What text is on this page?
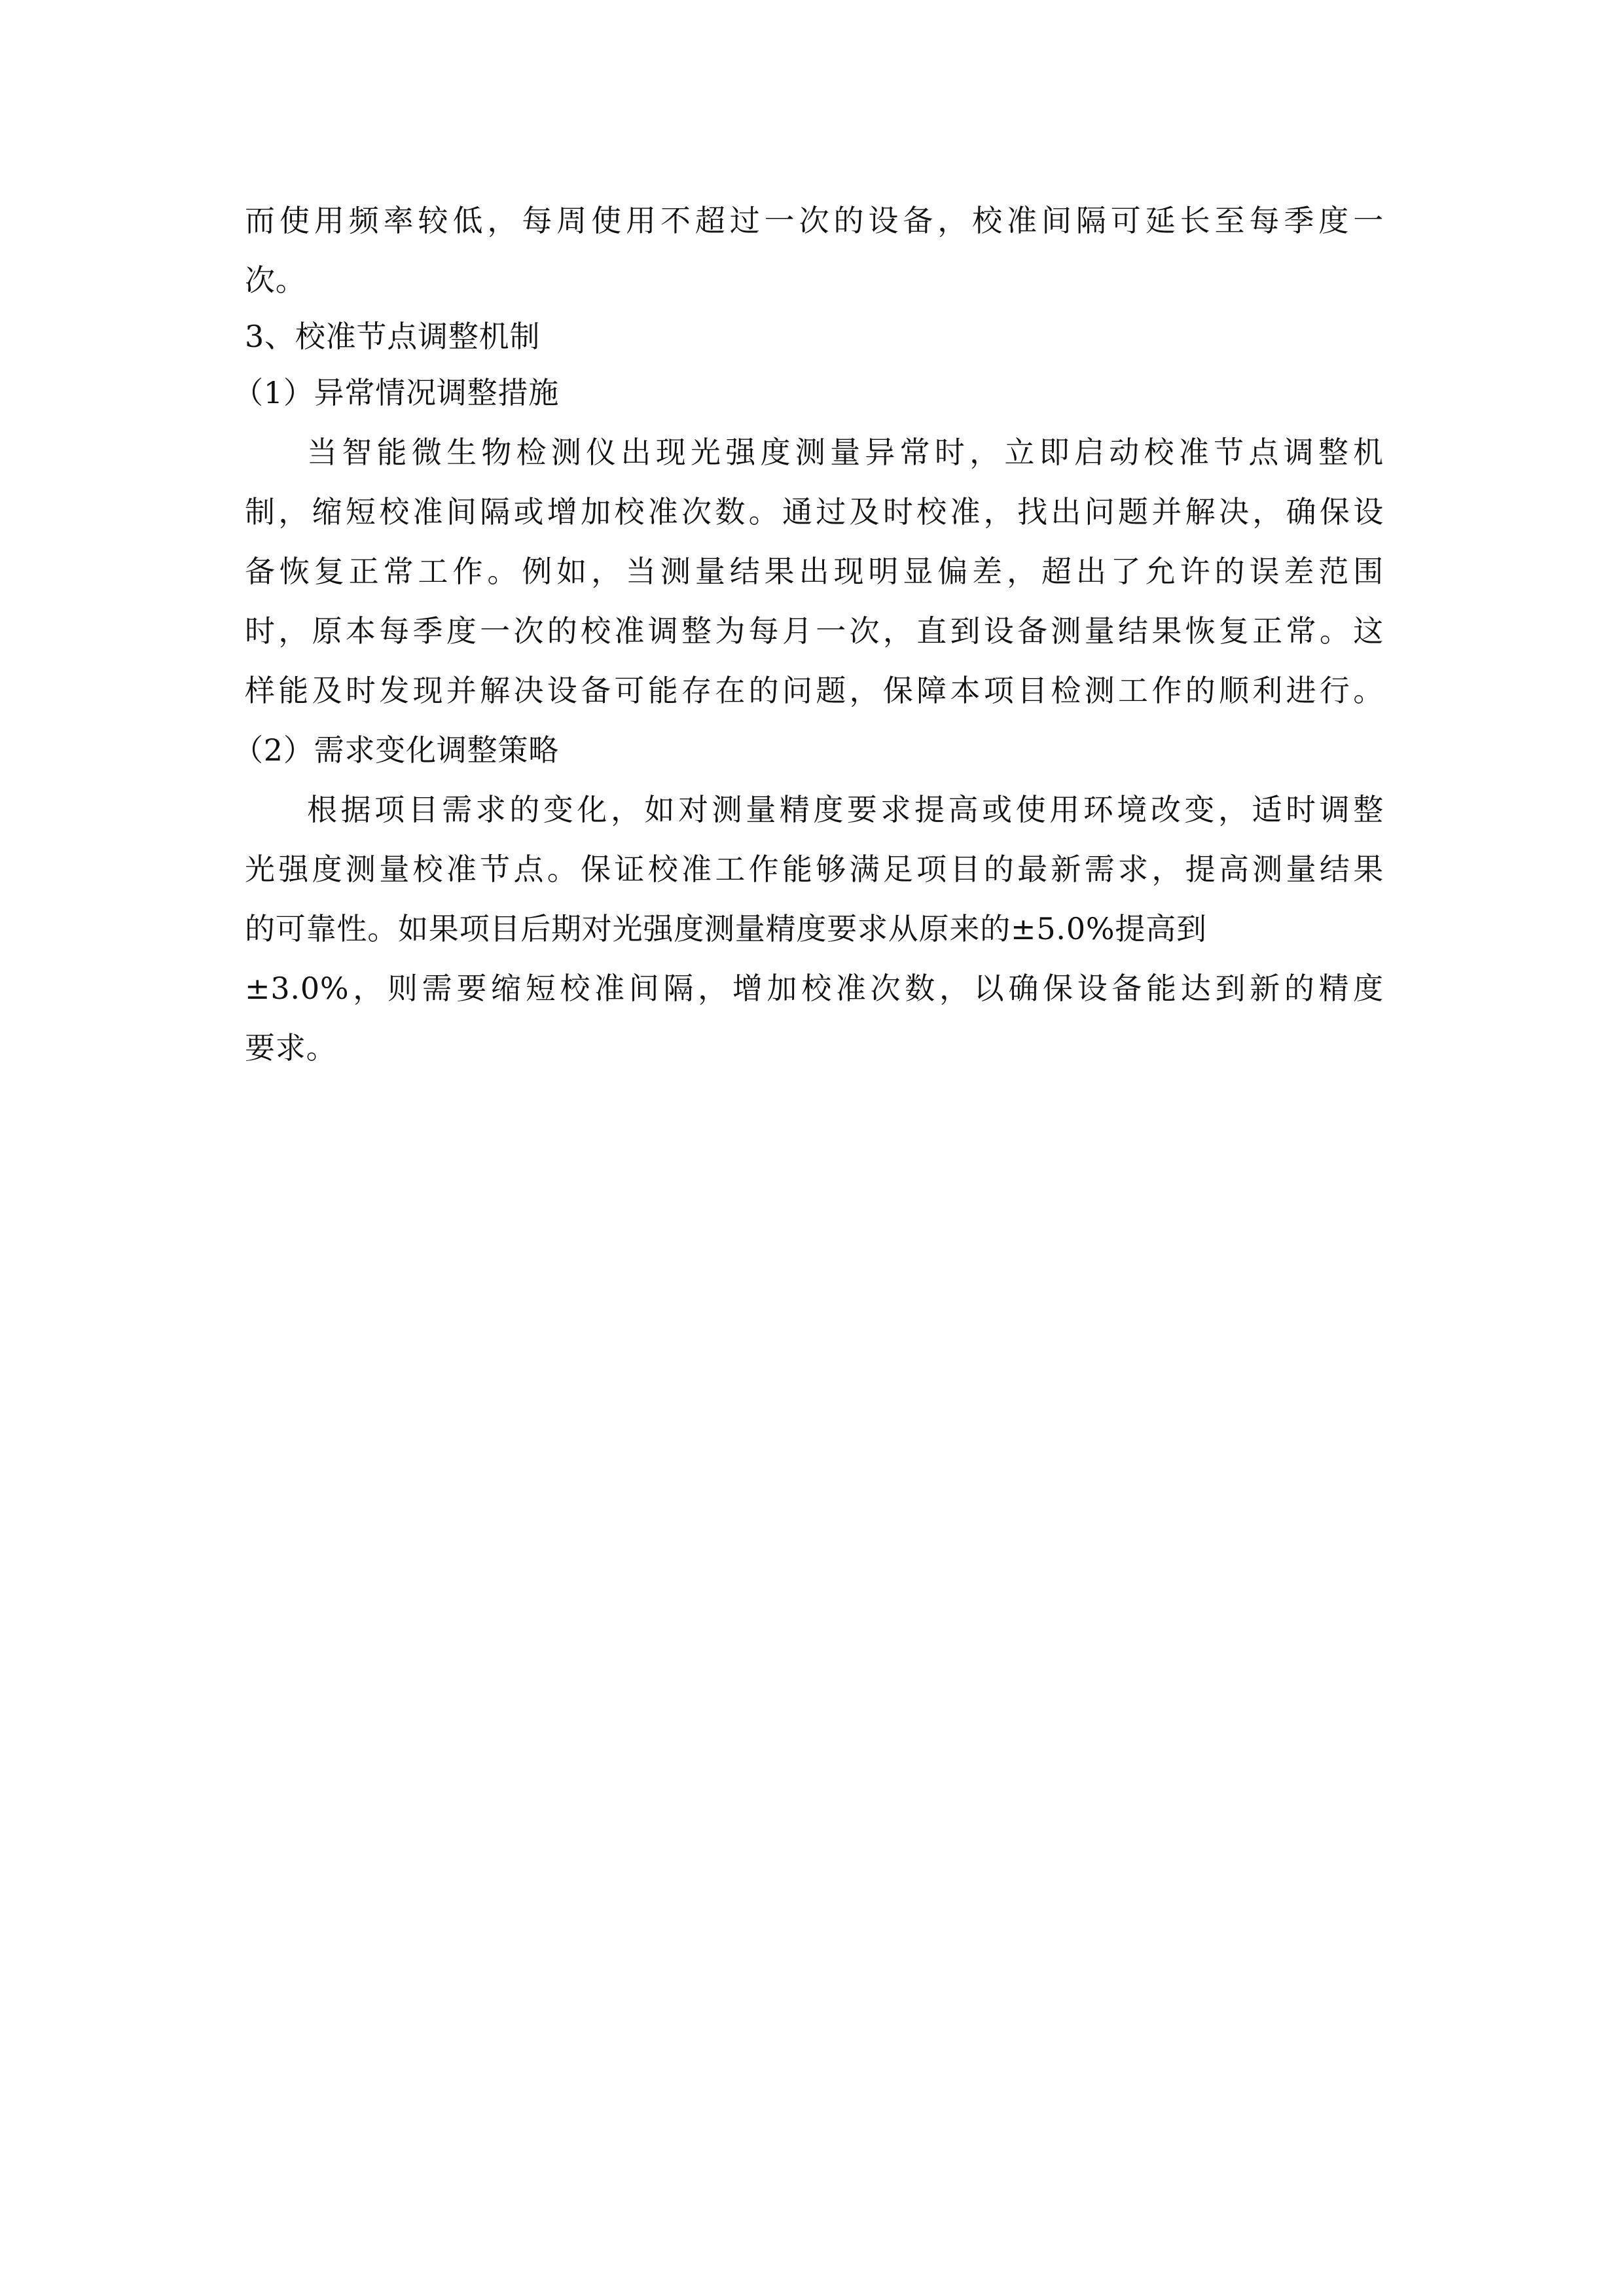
而使用频率较低，每周使用不超过一次的设备，校准间隔可延长至每季度一
次。
3、校准节点调整机制
（1）异常情况调整措施
当智能微生物检测仪出现光强度测量异常时，立即启动校准节点调整机
制，缩短校准间隔或增加校准次数。通过及时校准，找出问题并解决，确保设
备恢复正常工作。例如，当测量结果出现明显偏差，超出了允许的误差范围
时，原本每季度一次的校准调整为每月一次，直到设备测量结果恢复正常。这
样能及时发现并解决设备可能存在的问题，保障本项目检测工作的顺利进行。
（2）需求变化调整策略
根据项目需求的变化，如对测量精度要求提高或使用环境改变，适时调整
光强度测量校准节点。保证校准工作能够满足项目的最新需求，提高测量结果
的可靠性。如果项目后期对光强度测量精度要求从原来的±5.0%提高到
±3.0%，则需要缩短校准间隔，增加校准次数，以确保设备能达到新的精度
要求。
